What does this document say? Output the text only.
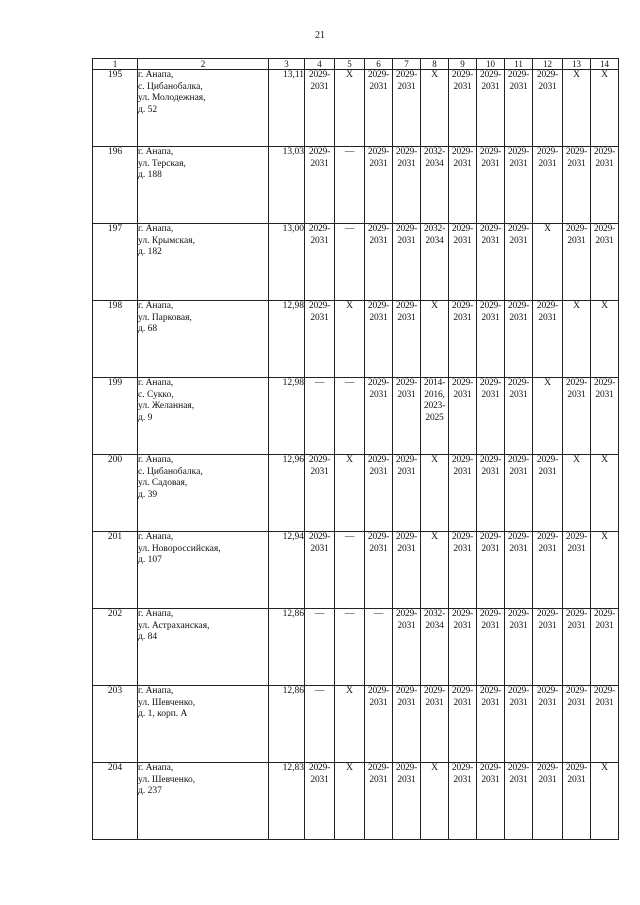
21
1	2	3	4	5	6	7	8	9	10	11	12	13	14
195	г. Анапа,
с. Цибанобалка,
ул. Молодежная,
д. 52	13,11	2029-
2031	X	2029-
2031	2029-
2031	X	2029-
2031	2029-
2031	2029-
2031	2029-
2031	X	X
196	г. Анапа,
ул. Терская,
д. 188	13,03	2029-
2031	—	2029-
2031	2029-
2031	2032-
2034	2029-
2031	2029-
2031	2029-
2031	2029-
2031	2029-
2031	2029-
2031
197	г. Анапа,
ул. Крымская,
д. 182	13,00	2029-
2031	—	2029-
2031	2029-
2031	2032-
2034	2029-
2031	2029-
2031	2029-
2031	X	2029-
2031	2029-
2031
198	г. Анапа,
ул. Парковая,
д. 68	12,98	2029-
2031	X	2029-
2031	2029-
2031	X	2029-
2031	2029-
2031	2029-
2031	2029-
2031	X	X
199	г. Анапа,
с. Сукко,
ул. Желанная,
д. 9	12,98	—	—	2029-
2031	2029-
2031	2014-
2016,
2023-
2025	2029-
2031	2029-
2031	2029-
2031	X	2029-
2031	2029-
2031
200	г. Анапа,
с. Цибанобалка,
ул. Садовая,
д. 39	12,96	2029-
2031	X	2029-
2031	2029-
2031	X	2029-
2031	2029-
2031	2029-
2031	2029-
2031	X	X
201	г. Анапа,
ул. Новороссийская,
д. 107	12,94	2029-
2031	—	2029-
2031	2029-
2031	X	2029-
2031	2029-
2031	2029-
2031	2029-
2031	2029-
2031	X
202	г. Анапа,
ул. Астраханская,
д. 84	12,86	—	—	—	2029-
2031	2032-
2034	2029-
2031	2029-
2031	2029-
2031	2029-
2031	2029-
2031	2029-
2031
203	г. Анапа,
ул. Шевченко,
д. 1, корп. А	12,86	—	X	2029-
2031	2029-
2031	2029-
2031	2029-
2031	2029-
2031	2029-
2031	2029-
2031	2029-
2031	2029-
2031
204	г. Анапа,
ул. Шевченко,
д. 237	12,83	2029-
2031	X	2029-
2031	2029-
2031	X	2029-
2031	2029-
2031	2029-
2031	2029-
2031	2029-
2031	X
